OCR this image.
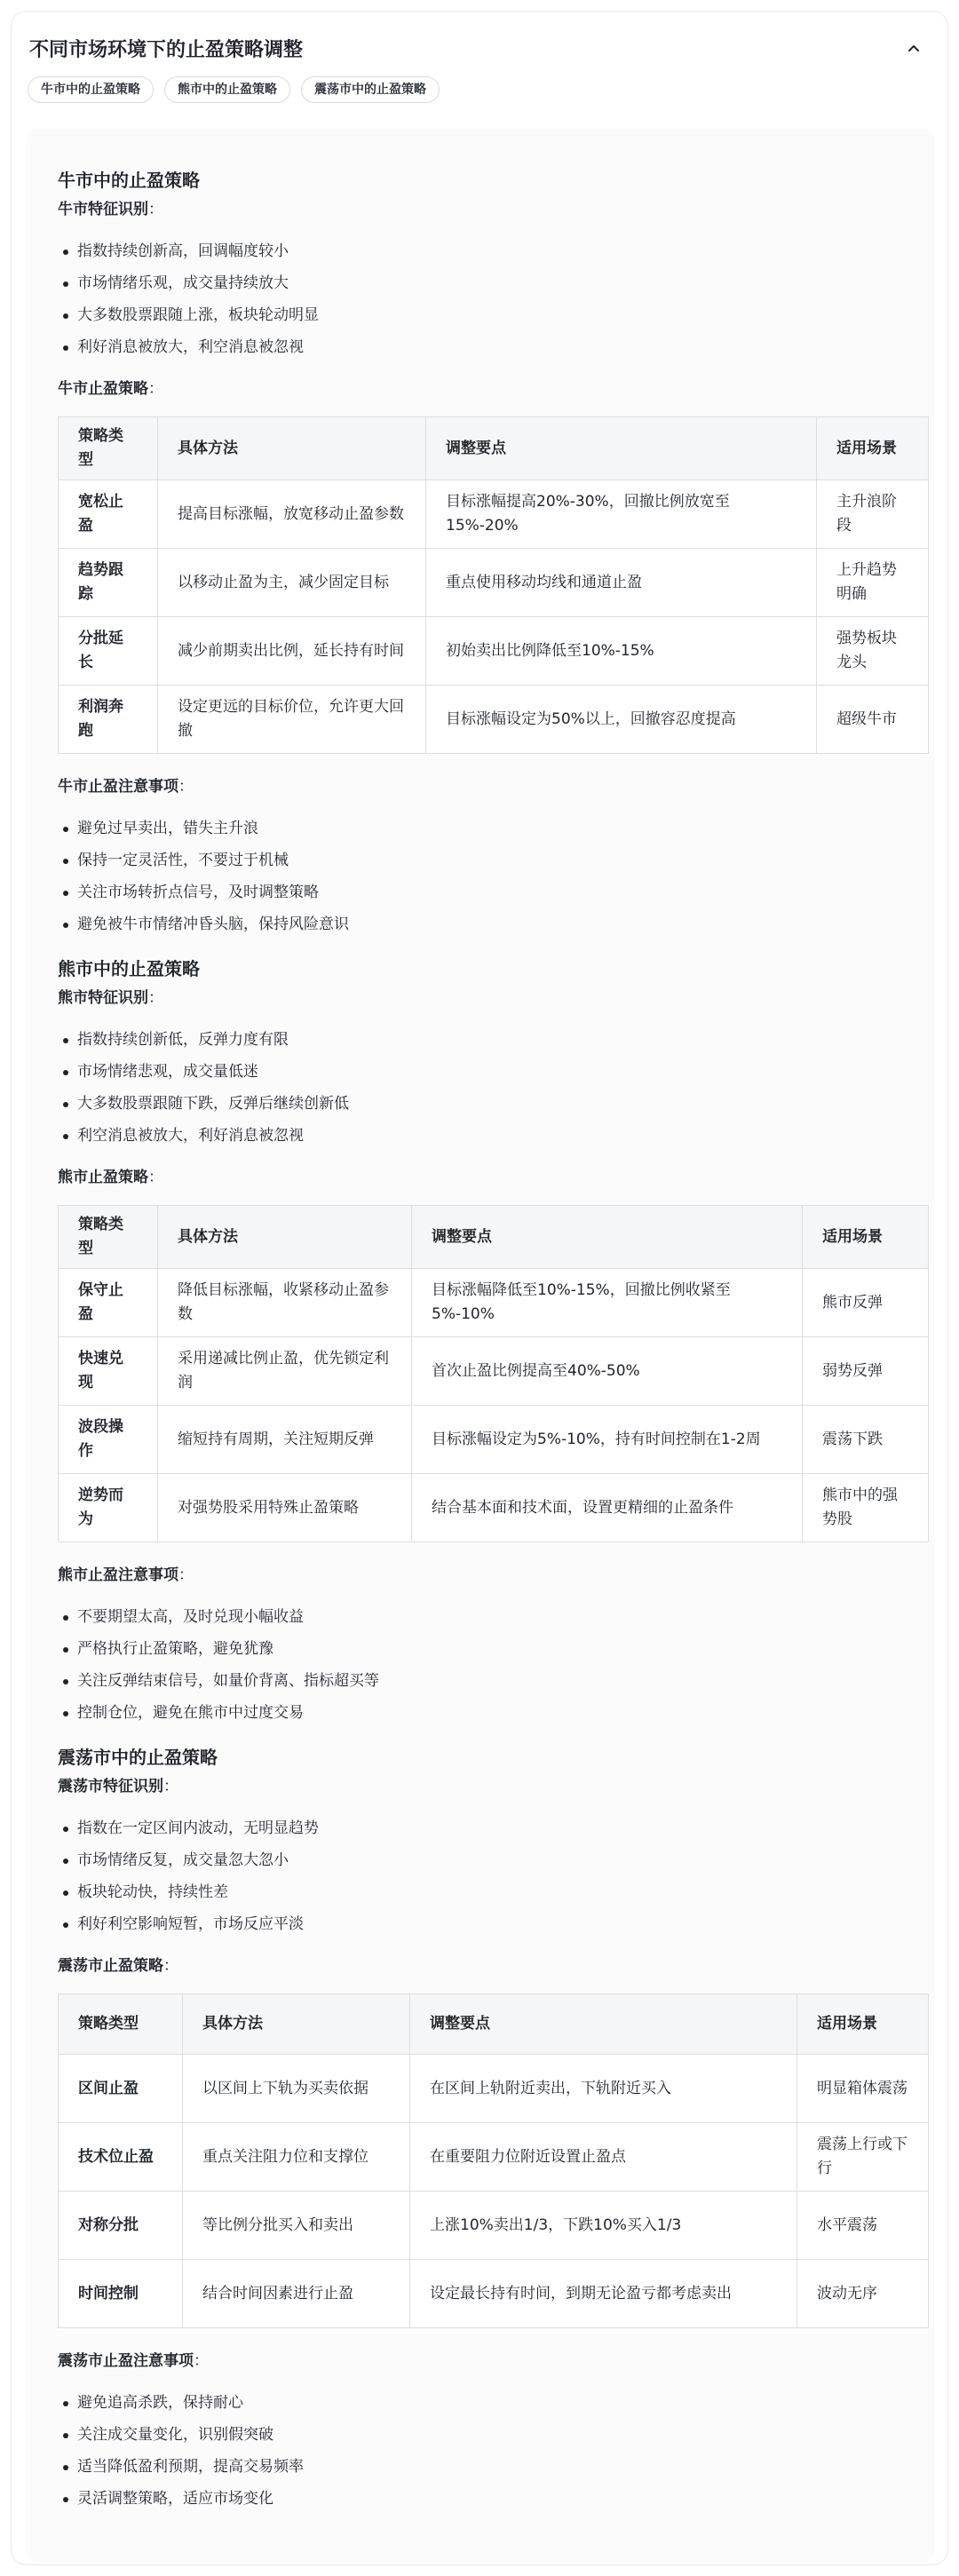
不同市场环境下的止盈策略调整
牛市中的止盈策略	熊市中的止盈策略	震荡市中的止盈策略
牛市中的止盈策略
牛市特征识别：
指数持续创新高，回调幅度较小
市场情绪乐观，成交量持续放大
大多数股票跟随上涨，板块轮动明显
利好消息被放大，利空消息被忽视
牛市止盈策略：
策略类型	具体方法	调整要点	适用场景
宽松止盈	提高目标涨幅，放宽移动止盈参数	目标涨幅提高20%-30%，回撤比例放宽至15%-20%	主升浪阶段
趋势跟踪	以移动止盈为主，减少固定目标	重点使用移动均线和通道止盈	上升趋势明确
分批延长	减少前期卖出比例，延长持有时间	初始卖出比例降低至10%-15%	强势板块龙头
利润奔跑	设定更远的目标价位，允许更大回撤	目标涨幅设定为50%以上，回撤容忍度提高	超级牛市
牛市止盈注意事项：
避免过早卖出，错失主升浪
保持一定灵活性，不要过于机械
关注市场转折点信号，及时调整策略
避免被牛市情绪冲昏头脑，保持风险意识
熊市中的止盈策略
熊市特征识别：
指数持续创新低，反弹力度有限
市场情绪悲观，成交量低迷
大多数股票跟随下跌，反弹后继续创新低
利空消息被放大，利好消息被忽视
熊市止盈策略：
策略类型	具体方法	调整要点	适用场景
保守止盈	降低目标涨幅，收紧移动止盈参数	目标涨幅降低至10%-15%，回撤比例收紧至5%-10%	熊市反弹
快速兑现	采用递减比例止盈，优先锁定利润	首次止盈比例提高至40%-50%	弱势反弹
波段操作	缩短持有周期，关注短期反弹	目标涨幅设定为5%-10%，持有时间控制在1-2周	震荡下跌
逆势而为	对强势股采用特殊止盈策略	结合基本面和技术面，设置更精细的止盈条件	熊市中的强势股
熊市止盈注意事项：
不要期望太高，及时兑现小幅收益
严格执行止盈策略，避免犹豫
关注反弹结束信号，如量价背离、指标超买等
控制仓位，避免在熊市中过度交易
震荡市中的止盈策略
震荡市特征识别：
指数在一定区间内波动，无明显趋势
市场情绪反复，成交量忽大忽小
板块轮动快，持续性差
利好利空影响短暂，市场反应平淡
震荡市止盈策略：
策略类型	具体方法	调整要点	适用场景
区间止盈	以区间上下轨为买卖依据	在区间上轨附近卖出，下轨附近买入	明显箱体震荡
技术位止盈	重点关注阻力位和支撑位	在重要阻力位附近设置止盈点	震荡上行或下行
对称分批	等比例分批买入和卖出	上涨10%卖出1/3，下跌10%买入1/3	水平震荡
时间控制	结合时间因素进行止盈	设定最长持有时间，到期无论盈亏都考虑卖出	波动无序
震荡市止盈注意事项：
避免追高杀跌，保持耐心
关注成交量变化，识别假突破
适当降低盈利预期，提高交易频率
灵活调整策略，适应市场变化
